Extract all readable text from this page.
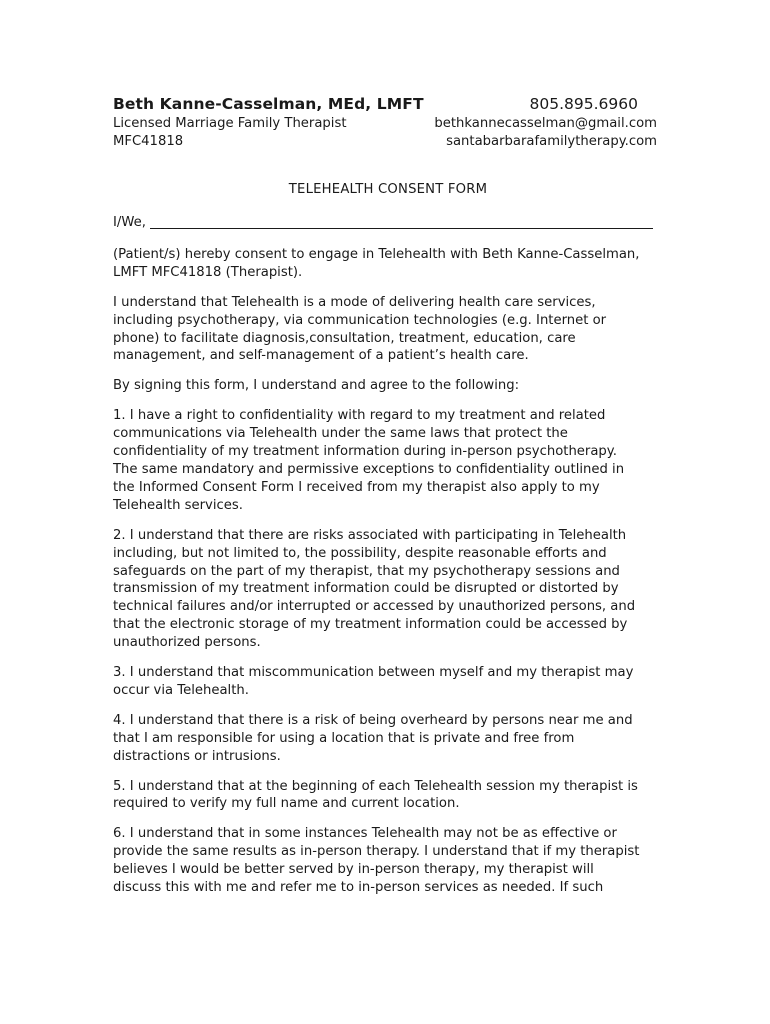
Beth Kanne-Casselman, MEd, LMFT
Licensed Marriage Family Therapist
MFC41818
805.895.6960
bethkannecasselman@gmail.com
santabarbarafamilytherapy.com
TELEHEALTH CONSENT FORM
I/We,
(Patient/s) hereby consent to engage in Telehealth with Beth Kanne-Casselman,
LMFT MFC41818 (Therapist).
I understand that Telehealth is a mode of delivering health care services,
including psychotherapy, via communication technologies (e.g. Internet or
phone) to facilitate diagnosis,consultation, treatment, education, care
management, and self-management of a patient’s health care.
By signing this form, I understand and agree to the following:
1. I have a right to confidentiality with regard to my treatment and related
communications via Telehealth under the same laws that protect the
confidentiality of my treatment information during in-person psychotherapy.
The same mandatory and permissive exceptions to confidentiality outlined in
the Informed Consent Form I received from my therapist also apply to my
Telehealth services.
2. I understand that there are risks associated with participating in Telehealth
including, but not limited to, the possibility, despite reasonable efforts and
safeguards on the part of my therapist, that my psychotherapy sessions and
transmission of my treatment information could be disrupted or distorted by
technical failures and/or interrupted or accessed by unauthorized persons, and
that the electronic storage of my treatment information could be accessed by
unauthorized persons.
3. I understand that miscommunication between myself and my therapist may
occur via Telehealth.
4. I understand that there is a risk of being overheard by persons near me and
that I am responsible for using a location that is private and free from
distractions or intrusions.
5. I understand that at the beginning of each Telehealth session my therapist is
required to verify my full name and current location.
6. I understand that in some instances Telehealth may not be as effective or
provide the same results as in-person therapy. I understand that if my therapist
believes I would be better served by in-person therapy, my therapist will
discuss this with me and refer me to in-person services as needed. If such
